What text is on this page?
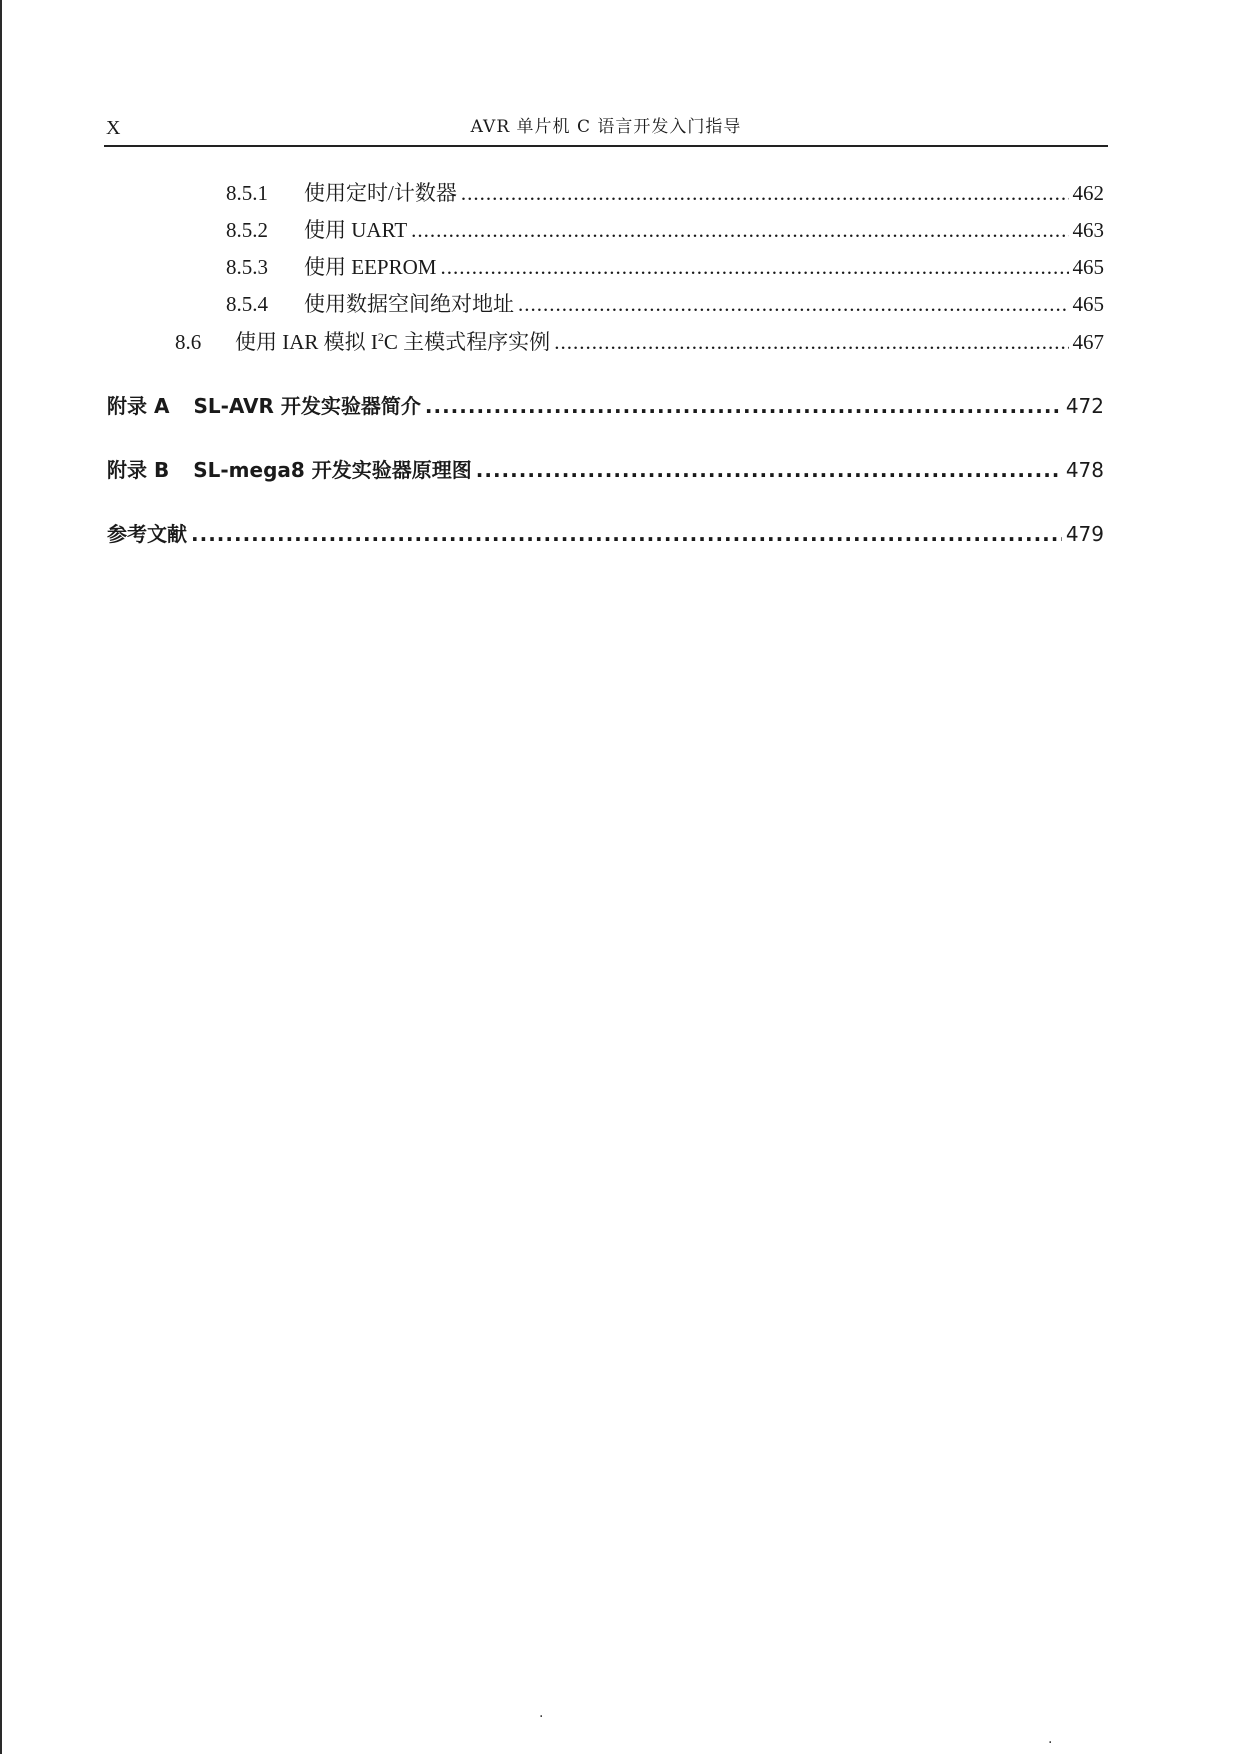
X	AVR 单片机 C 语言开发入门指导
8.5.1	使用定时/计数器 .....	462
8.5.2	使用 UART .....	463
8.5.3	使用 EEPROM .....	465
8.5.4	使用数据空间绝对地址 .....	465
8.6	使用 IAR 模拟 $I^2C$ 主模式程序实例 .....	467
附录 A SL-AVR 开发实验器简介 .....	472
附录 B SL-mega8 开发实验器原理图 .....	478
参考文献 .....	479
·
·
